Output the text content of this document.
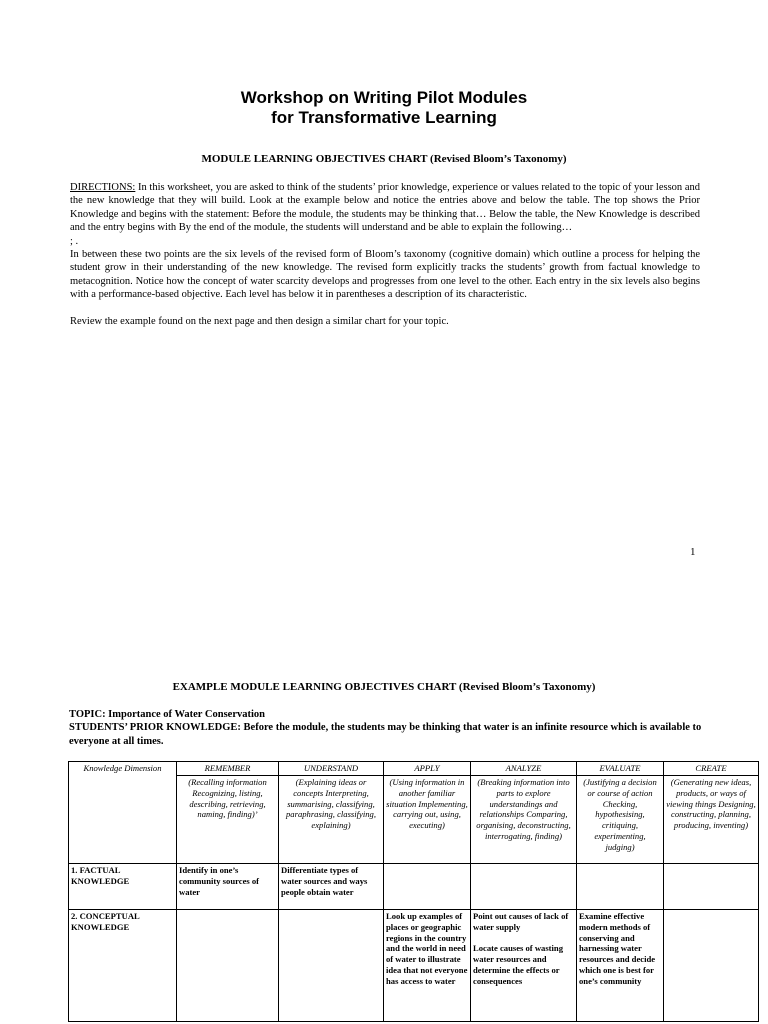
Workshop on Writing Pilot Modules
for Transformative Learning
MODULE LEARNING OBJECTIVES CHART (Revised Bloom’s Taxonomy)

DIRECTIONS: In this worksheet, you are asked to think of the students’ prior knowledge, experience or values related to the topic of your lesson and the new knowledge that they will build. Look at the example below and notice the entries above and below the table. The top shows the Prior Knowledge and begins with the statement: Before the module, the students may be thinking that… Below the table, the New Knowledge is described and the entry begins with By the end of the module, the students will understand and be able to explain the following…

; .

In between these two points are the six levels of the revised form of Bloom’s taxonomy (cognitive domain) which outline a process for helping the student grow in their understanding of the new knowledge. The revised form explicitly tracks the students’ growth from factual knowledge to metacognition. Notice how the concept of water scarcity develops and progresses from one level to the other. Each entry in the six levels also begins with a performance-based objective. Each level has below it in parentheses a description of its characteristic.

Review the example found on the next page and then design a similar chart for your topic.

1
EXAMPLE MODULE LEARNING OBJECTIVES CHART (Revised Bloom’s Taxonomy)
TOPIC: Importance of Water Conservation
STUDENTS’ PRIOR KNOWLEDGE: Before the module, the students may be thinking that water is an infinite resource which is available to everyone at all times.
Knowledge Dimension	REMEMBER	UNDERSTAND	APPLY	ANALYZE	EVALUATE	CREATE
	(Recalling information Recognizing, listing, describing, retrieving, naming, finding)’	(Explaining ideas or concepts Interpreting, summarising, classifying, paraphrasing, classifying, explaining)	(Using information in another familiar situation Implementing, carrying out, using, executing)	(Breaking information into parts to explore understandings and relationships Comparing, organising, deconstructing, interrogating, finding)	(Justifying a decision or course of action Checking, hypothesising, critiquing, experimenting, judging)	(Generating new ideas, products, or ways of viewing things Designing, constructing, planning, producing, inventing)
1. FACTUAL KNOWLEDGE	Identify in one’s community sources of water	Differentiate types of water sources and ways people obtain water				
2. CONCEPTUAL KNOWLEDGE			Look up examples of places or geographic regions in the country and the world in need of water to illustrate idea that not everyone has access to water	Point out causes of lack of water supply

Locate causes of wasting water resources and determine the effects or consequences	Examine effective modern methods of conserving and harnessing water resources and decide which one is best for one’s community	
